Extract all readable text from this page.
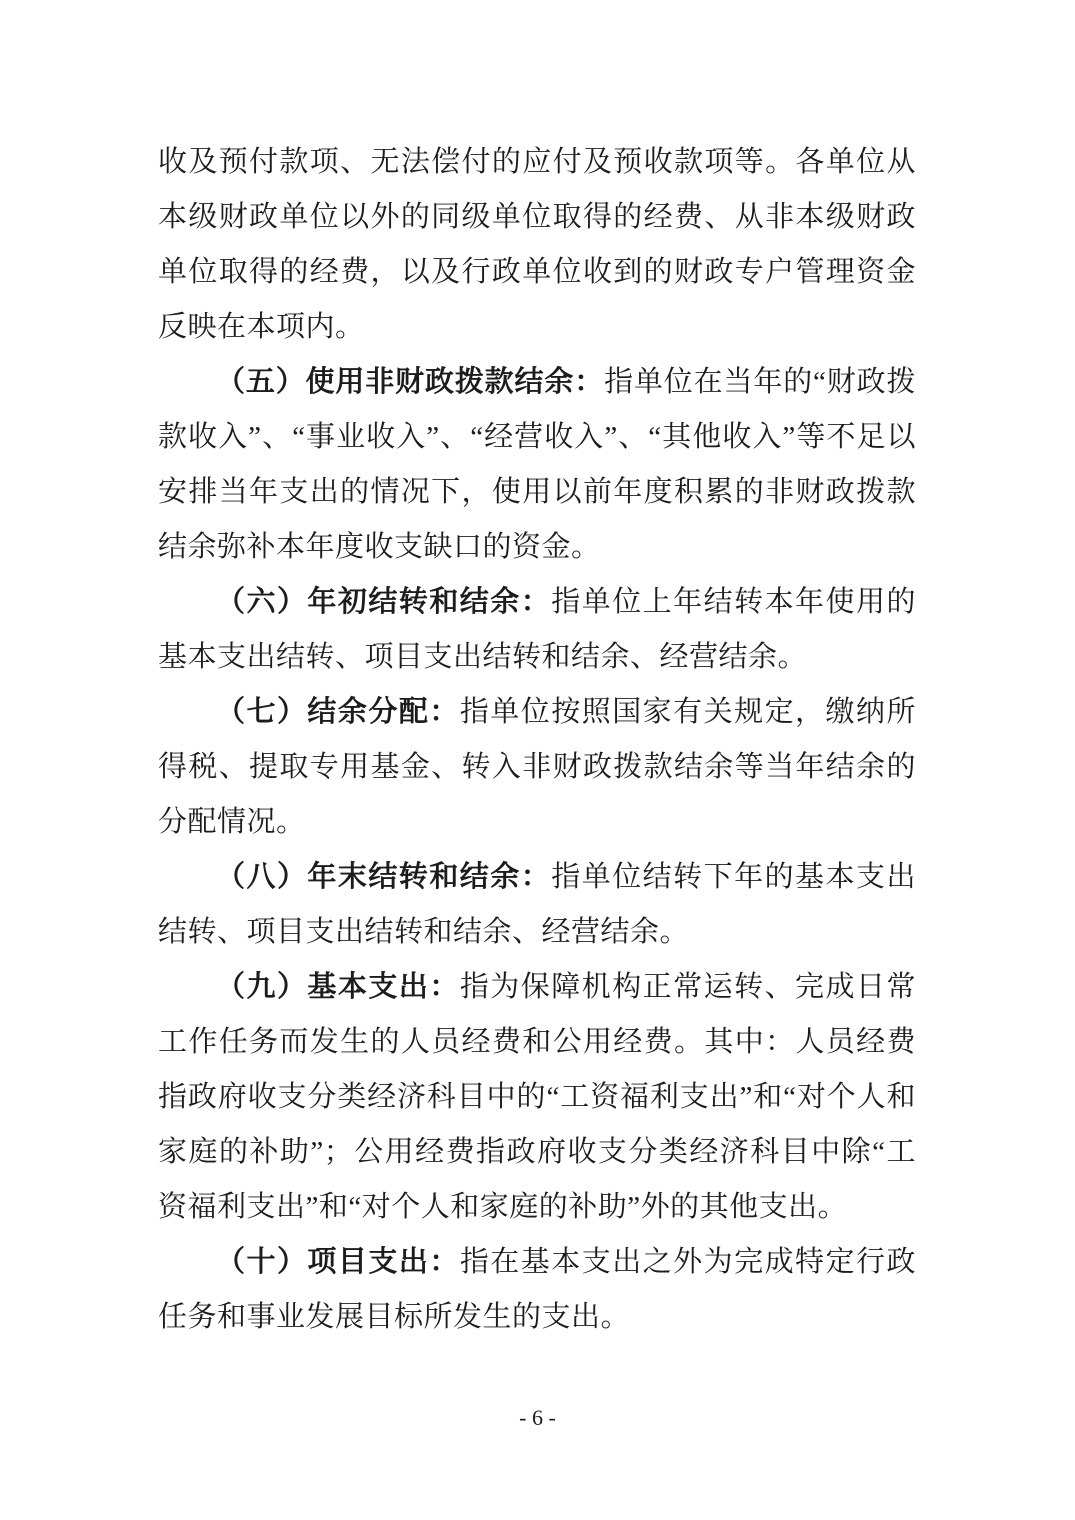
收及预付款项、无法偿付的应付及预收款项等。各单位从本级财政单位以外的同级单位取得的经费、从非本级财政单位取得的经费，以及行政单位收到的财政专户管理资金反映在本项内。

（五）使用非财政拨款结余：指单位在当年的“财政拨款收入”、“事业收入”、“经营收入”、“其他收入”等不足以安排当年支出的情况下，使用以前年度积累的非财政拨款结余弥补本年度收支缺口的资金。

（六）年初结转和结余：指单位上年结转本年使用的基本支出结转、项目支出结转和结余、经营结余。

（七）结余分配：指单位按照国家有关规定，缴纳所得税、提取专用基金、转入非财政拨款结余等当年结余的分配情况。

（八）年末结转和结余：指单位结转下年的基本支出结转、项目支出结转和结余、经营结余。

（九）基本支出：指为保障机构正常运转、完成日常工作任务而发生的人员经费和公用经费。其中：人员经费指政府收支分类经济科目中的“工资福利支出”和“对个人和家庭的补助”；公用经费指政府收支分类经济科目中除“工资福利支出”和“对个人和家庭的补助”外的其他支出。

（十）项目支出：指在基本支出之外为完成特定行政任务和事业发展目标所发生的支出。

- 6 -
